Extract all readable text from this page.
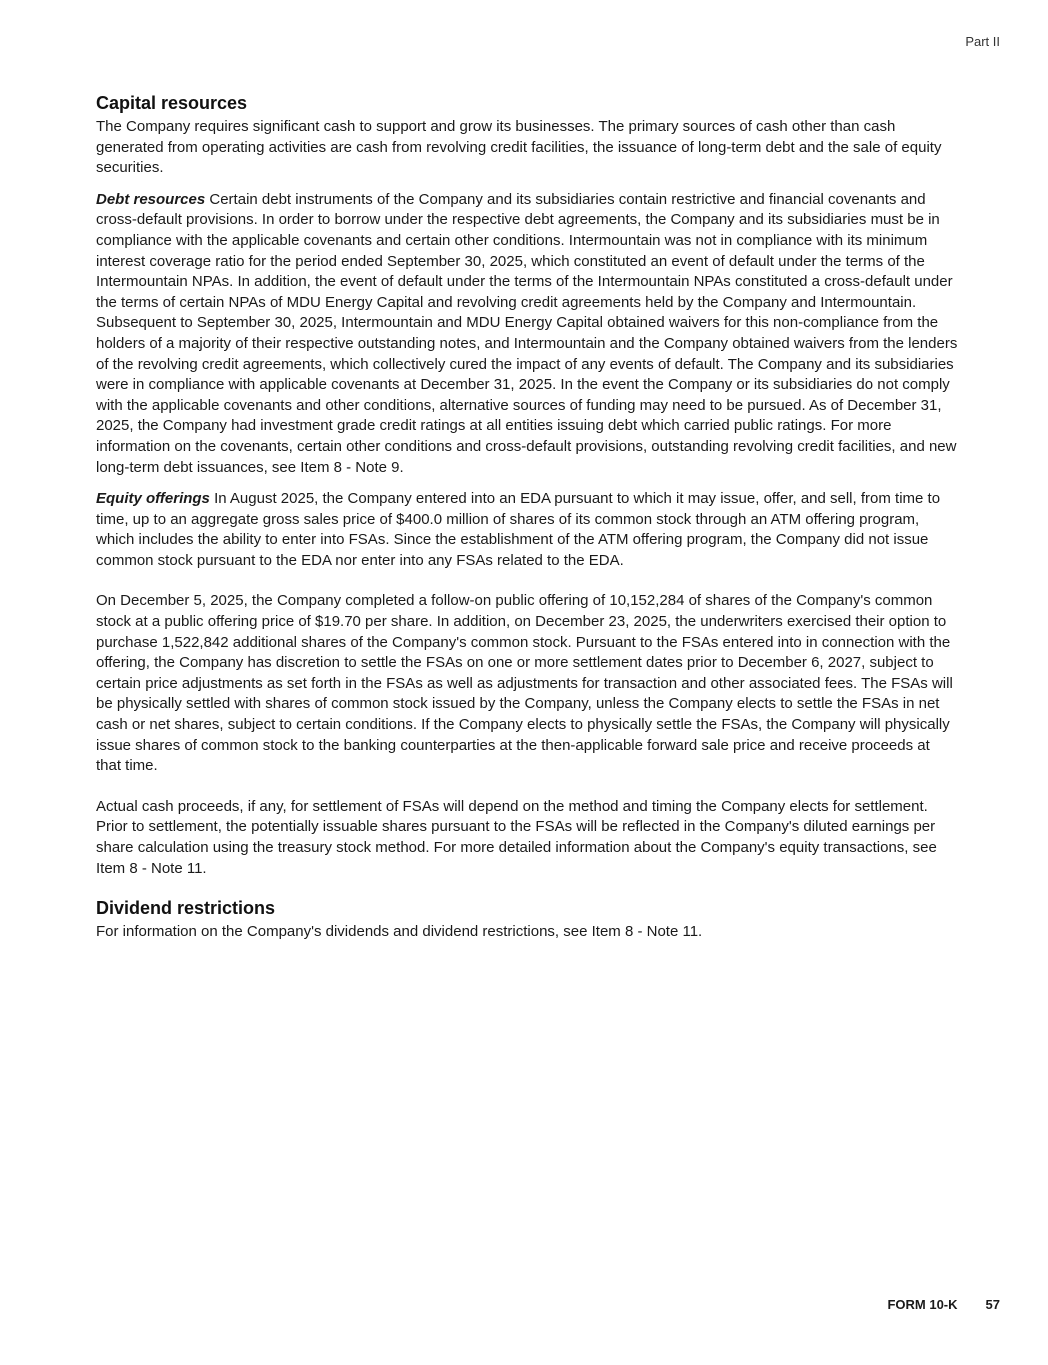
Part II
Capital resources

The Company requires significant cash to support and grow its businesses. The primary sources of cash other than cash generated from operating activities are cash from revolving credit facilities, the issuance of long-term debt and the sale of equity securities.

Debt resources Certain debt instruments of the Company and its subsidiaries contain restrictive and financial covenants and cross-default provisions. In order to borrow under the respective debt agreements, the Company and its subsidiaries must be in compliance with the applicable covenants and certain other conditions. Intermountain was not in compliance with its minimum interest coverage ratio for the period ended September 30, 2025, which constituted an event of default under the terms of the Intermountain NPAs. In addition, the event of default under the terms of the Intermountain NPAs constituted a cross-default under the terms of certain NPAs of MDU Energy Capital and revolving credit agreements held by the Company and Intermountain. Subsequent to September 30, 2025, Intermountain and MDU Energy Capital obtained waivers for this non-compliance from the holders of a majority of their respective outstanding notes, and Intermountain and the Company obtained waivers from the lenders of the revolving credit agreements, which collectively cured the impact of any events of default. The Company and its subsidiaries were in compliance with applicable covenants at December 31, 2025. In the event the Company or its subsidiaries do not comply with the applicable covenants and other conditions, alternative sources of funding may need to be pursued. As of December 31, 2025, the Company had investment grade credit ratings at all entities issuing debt which carried public ratings. For more information on the covenants, certain other conditions and cross-default provisions, outstanding revolving credit facilities, and new long-term debt issuances, see Item 8 - Note 9.

Equity offerings In August 2025, the Company entered into an EDA pursuant to which it may issue, offer, and sell, from time to time, up to an aggregate gross sales price of $400.0 million of shares of its common stock through an ATM offering program, which includes the ability to enter into FSAs. Since the establishment of the ATM offering program, the Company did not issue common stock pursuant to the EDA nor enter into any FSAs related to the EDA.

On December 5, 2025, the Company completed a follow-on public offering of 10,152,284 of shares of the Company's common stock at a public offering price of $19.70 per share. In addition, on December 23, 2025, the underwriters exercised their option to purchase 1,522,842 additional shares of the Company's common stock. Pursuant to the FSAs entered into in connection with the offering, the Company has discretion to settle the FSAs on one or more settlement dates prior to December 6, 2027, subject to certain price adjustments as set forth in the FSAs as well as adjustments for transaction and other associated fees. The FSAs will be physically settled with shares of common stock issued by the Company, unless the Company elects to settle the FSAs in net cash or net shares, subject to certain conditions. If the Company elects to physically settle the FSAs, the Company will physically issue shares of common stock to the banking counterparties at the then-applicable forward sale price and receive proceeds at that time.

Actual cash proceeds, if any, for settlement of FSAs will depend on the method and timing the Company elects for settlement. Prior to settlement, the potentially issuable shares pursuant to the FSAs will be reflected in the Company's diluted earnings per share calculation using the treasury stock method. For more detailed information about the Company's equity transactions, see Item 8 - Note 11.

Dividend restrictions

For information on the Company's dividends and dividend restrictions, see Item 8 - Note 11.

FORM 10-K 57
